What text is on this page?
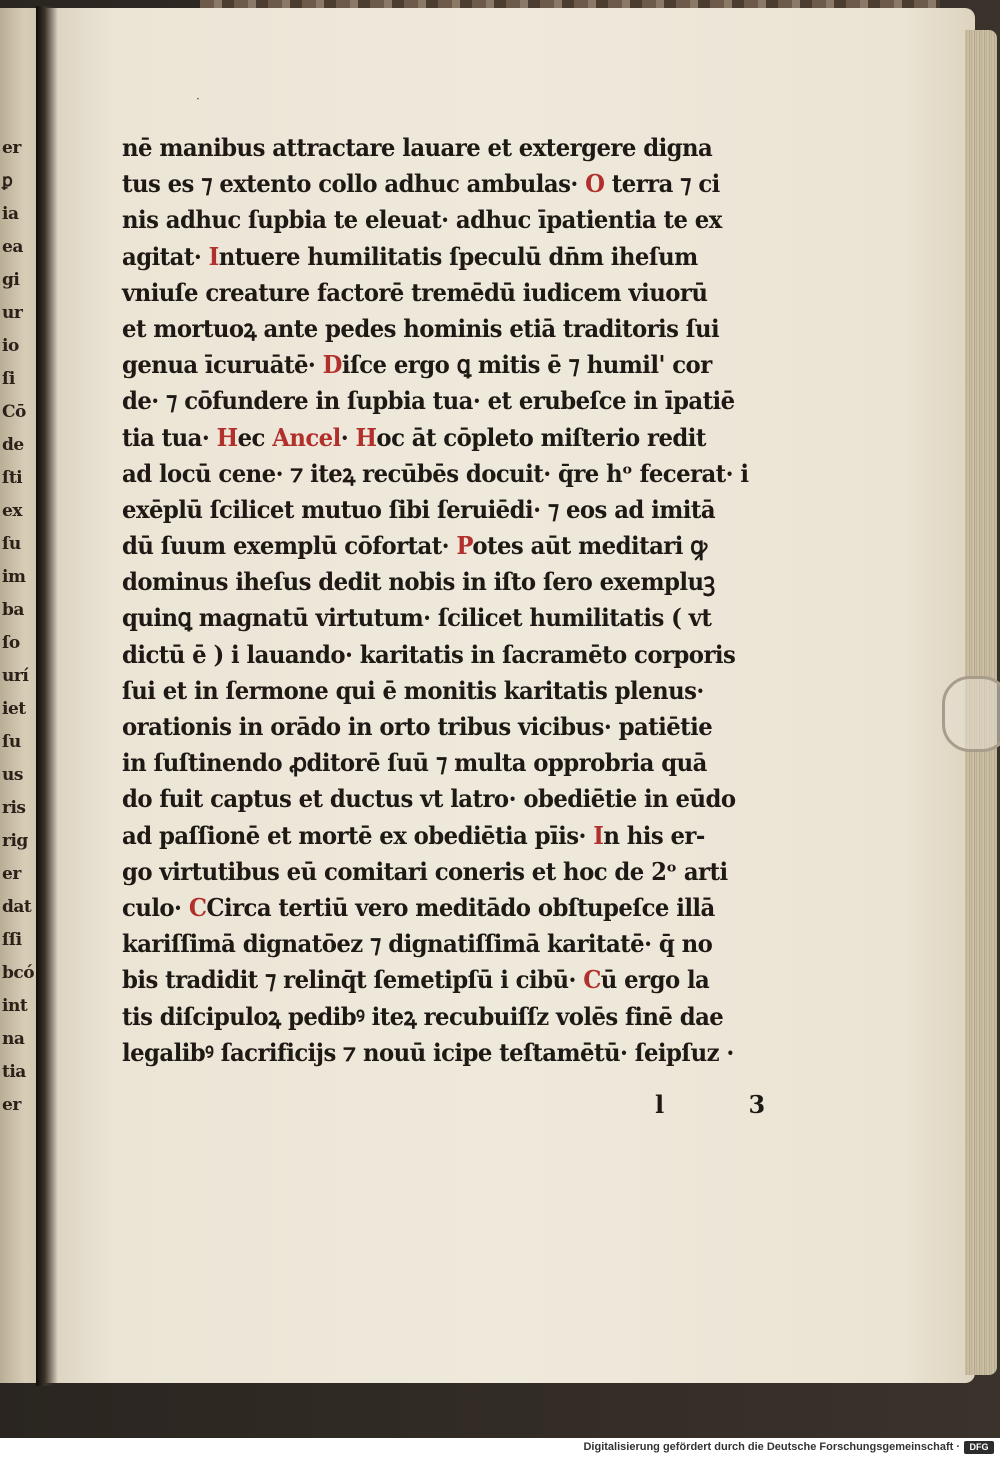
er
ꝑ
ia
ea
gi
ur
io
ſi
Cō
de
ſti
ex
ſu
im
ba
ſo
urí
iet
ſu
us
ris
rig
er
dat
ſſi
bcó
int
na
tia
er
·
nē manibus attractare lauare et extergere digna
tus es ⁊ extento collo adhuc ambulas· O terra ⁊ ci
nis adhuc ſupbia te eleuat· adhuc īpatientia te ex
agitat· Intuere humilitatis ſpeculū dn̄m iheſum
vniuſe creature factorē tremēdū iudicem viuorū
et mortuoꝝ ante pedes hominis etiā traditoris ſui
genua īcuruātē· Diſce ergo ꝗ mitis ē ⁊ humil' cor
de· ⁊ cōfundere in ſupbia tua· et erubeſce in īpatiē
tia tua· Hec Ancel· Hoc āt cōpleto miſterio redit
ad locū cene· ⁊ iteꝝ recūbēs docuit· q̄re hᵒ fecerat· i
exēplū ſcilicet mutuo ſibi ſeruiēdi· ⁊ eos ad imitā
dū ſuum exemplū cōfortat· Potes aūt meditari ꝙ
dominus iheſus dedit nobis in iſto ſero exempluꝫ
quinꝗ magnatū virtutum· ſcilicet humilitatis ( vt
dictū ē ) i lauando· karitatis in ſacramēto corporis
ſui et in ſermone qui ē monitis karitatis plenus·
orationis in orādo in orto tribus vicibus· patiētie
in ſuſtinendo ꝓditorē ſuū ⁊ multa opprobria quā
do fuit captus et ductus vt latro· obediētie in eūdo
ad paſſionē et mortē ex obediētia pīis· In his er-
go virtutibus eū comitari coneris et hoc de 2ᵒ arti
culo· CCirca tertiū vero meditādo obſtupeſce illā
kariſſimā dignatōez ⁊ dignatiſſimā karitatē· q̄ no
bis tradidit ⁊ relinq̄t ſemetipſū i cibū· Cū ergo la
tis diſcipuloꝝ pedibꝰ iteꝝ recubuiſſz volēs finē dae
legalibꝰ ſacrificijs ⁊ nouū icipe teſtamētū· ſeipſuz ·
l 3
Digitalisierung gefördert durch die Deutsche Forschungsgemeinschaft ·	DFG
